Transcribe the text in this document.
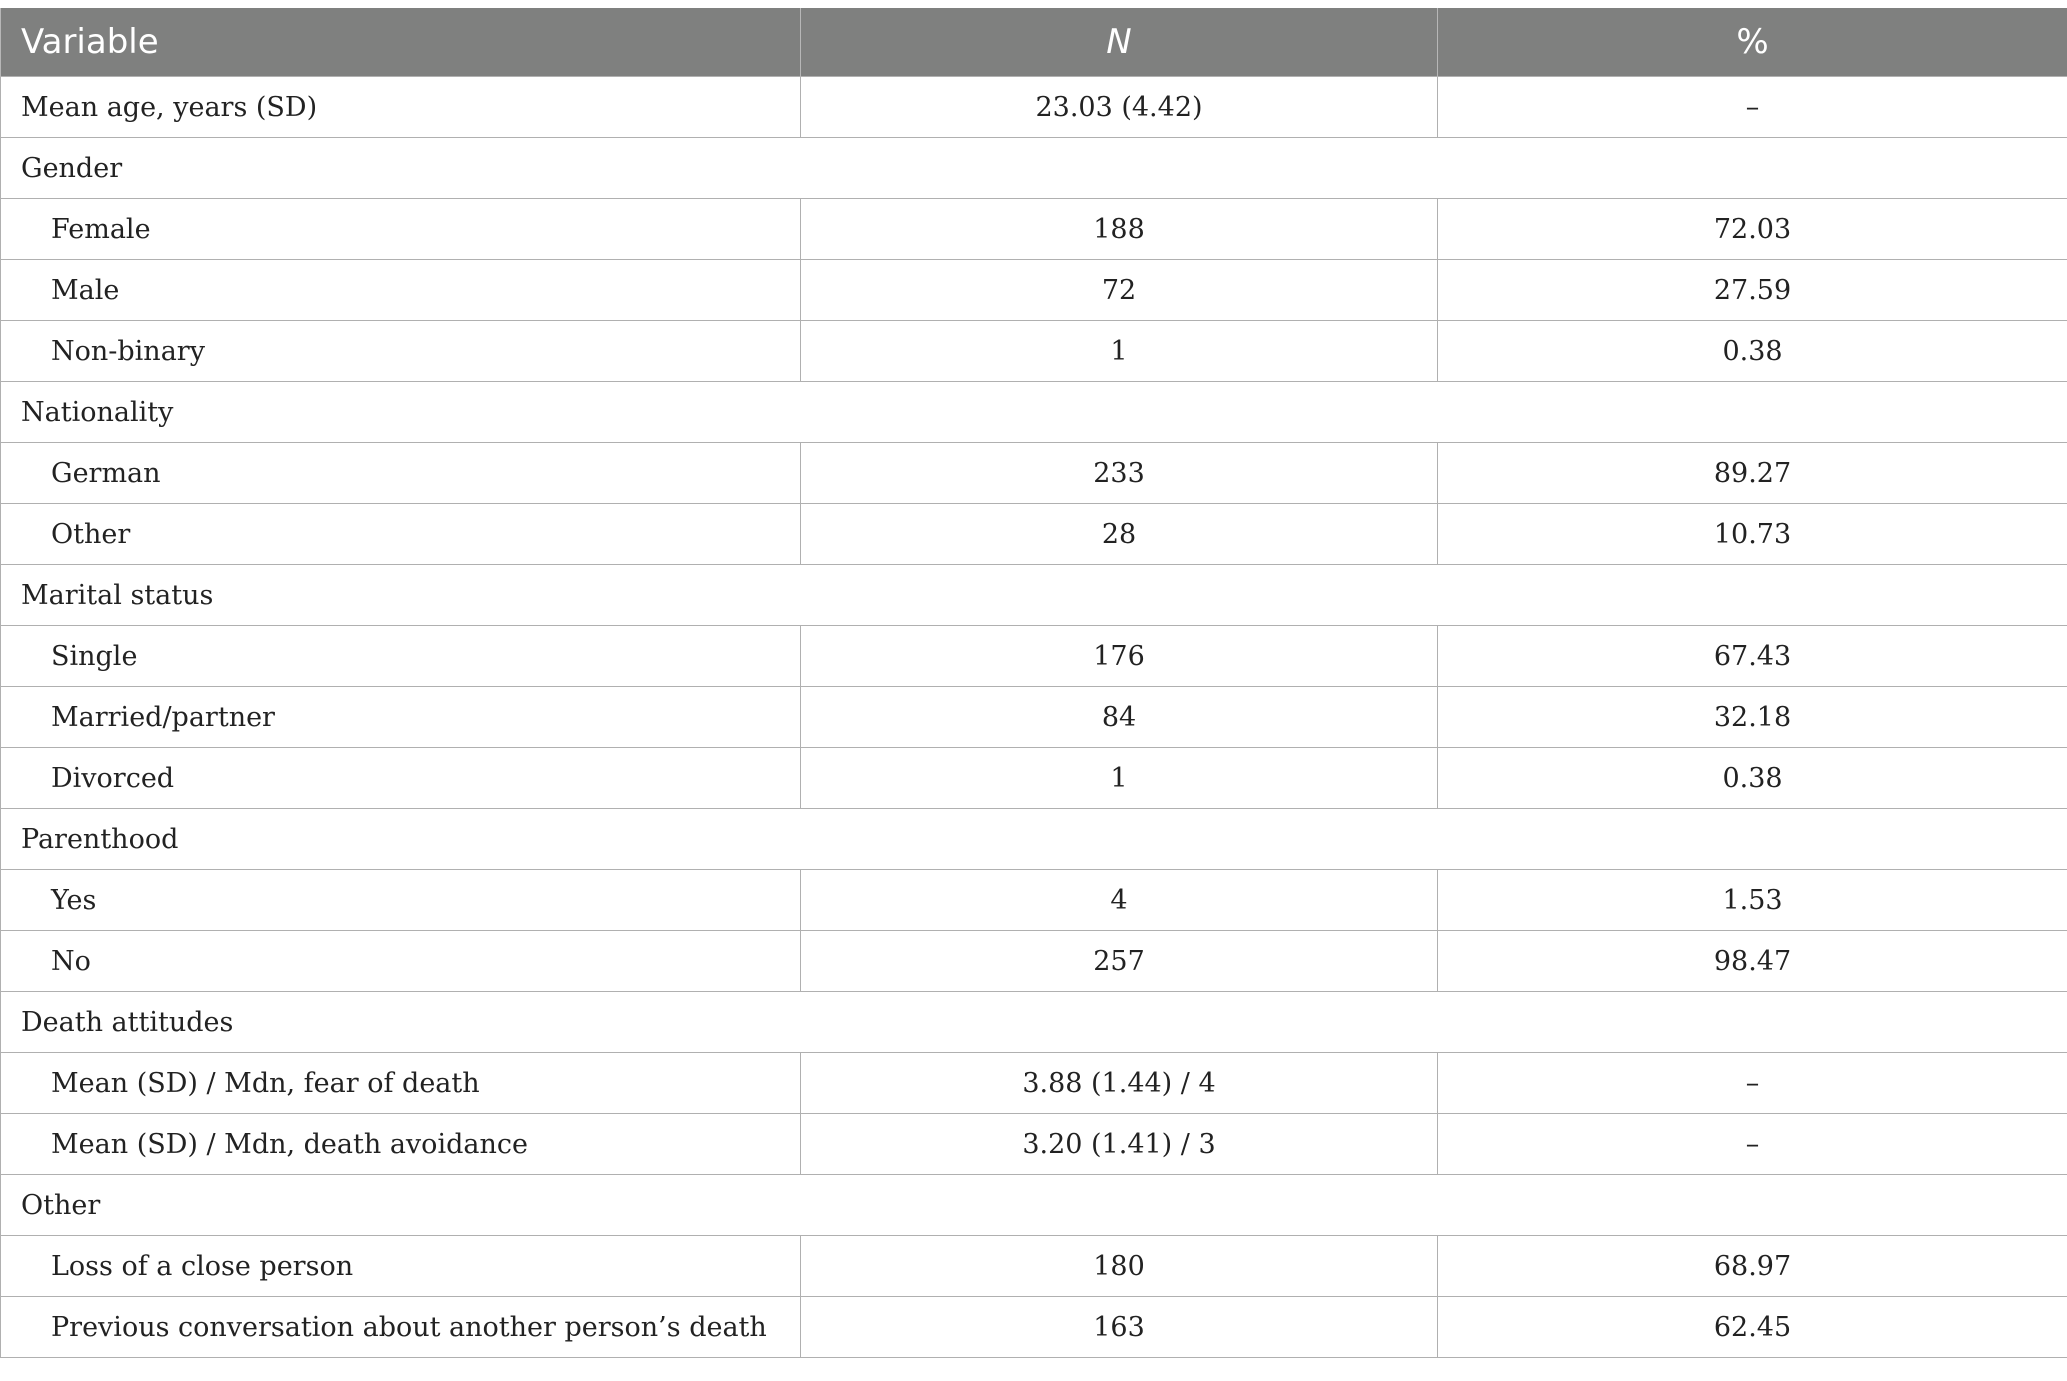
Variable	N	%
Mean age, years (SD)	23.03 (4.42)	–
Gender		
Female	188	72.03
Male	72	27.59
Non-binary	1	0.38
Nationality		
German	233	89.27
Other	28	10.73
Marital status		
Single	176	67.43
Married/partner	84	32.18
Divorced	1	0.38
Parenthood		
Yes	4	1.53
No	257	98.47
Death attitudes		
Mean (SD) / Mdn, fear of death	3.88 (1.44) / 4	–
Mean (SD) / Mdn, death avoidance	3.20 (1.41) / 3	–
Other		
Loss of a close person	180	68.97
Previous conversation about another person’s death	163	62.45
